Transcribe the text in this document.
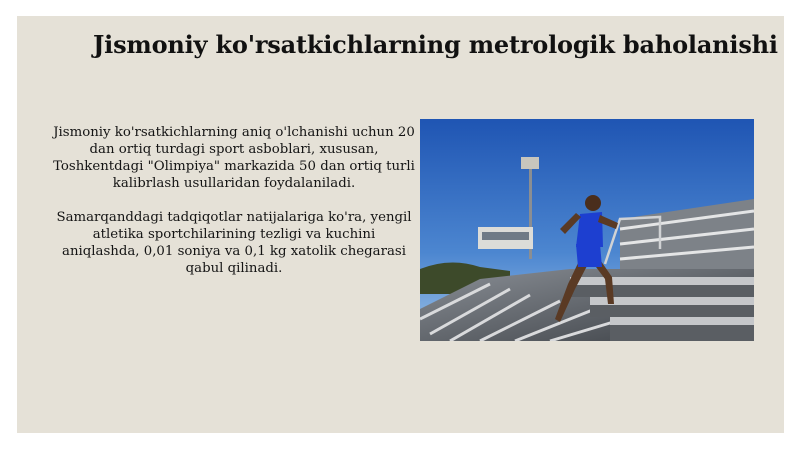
Jismoniy ko'rsatkichlarning metrologik baholanishi

Jismoniy ko'rsatkichlarning aniq o'lchanishi uchun 20 dan ortiq turdagi sport asboblari, xususan, Toshkentdagi "Olimpiya" markazida 50 dan ortiq turli kalibrlash usullaridan foydalaniladi.

Samarqanddagi tadqiqotlar natijalariga ko'ra, yengil atletika sportchilarining tezligi va kuchini aniqlashda, 0,01 soniya va 0,1 kg xatolik chegarasi qabul qilinadi.
